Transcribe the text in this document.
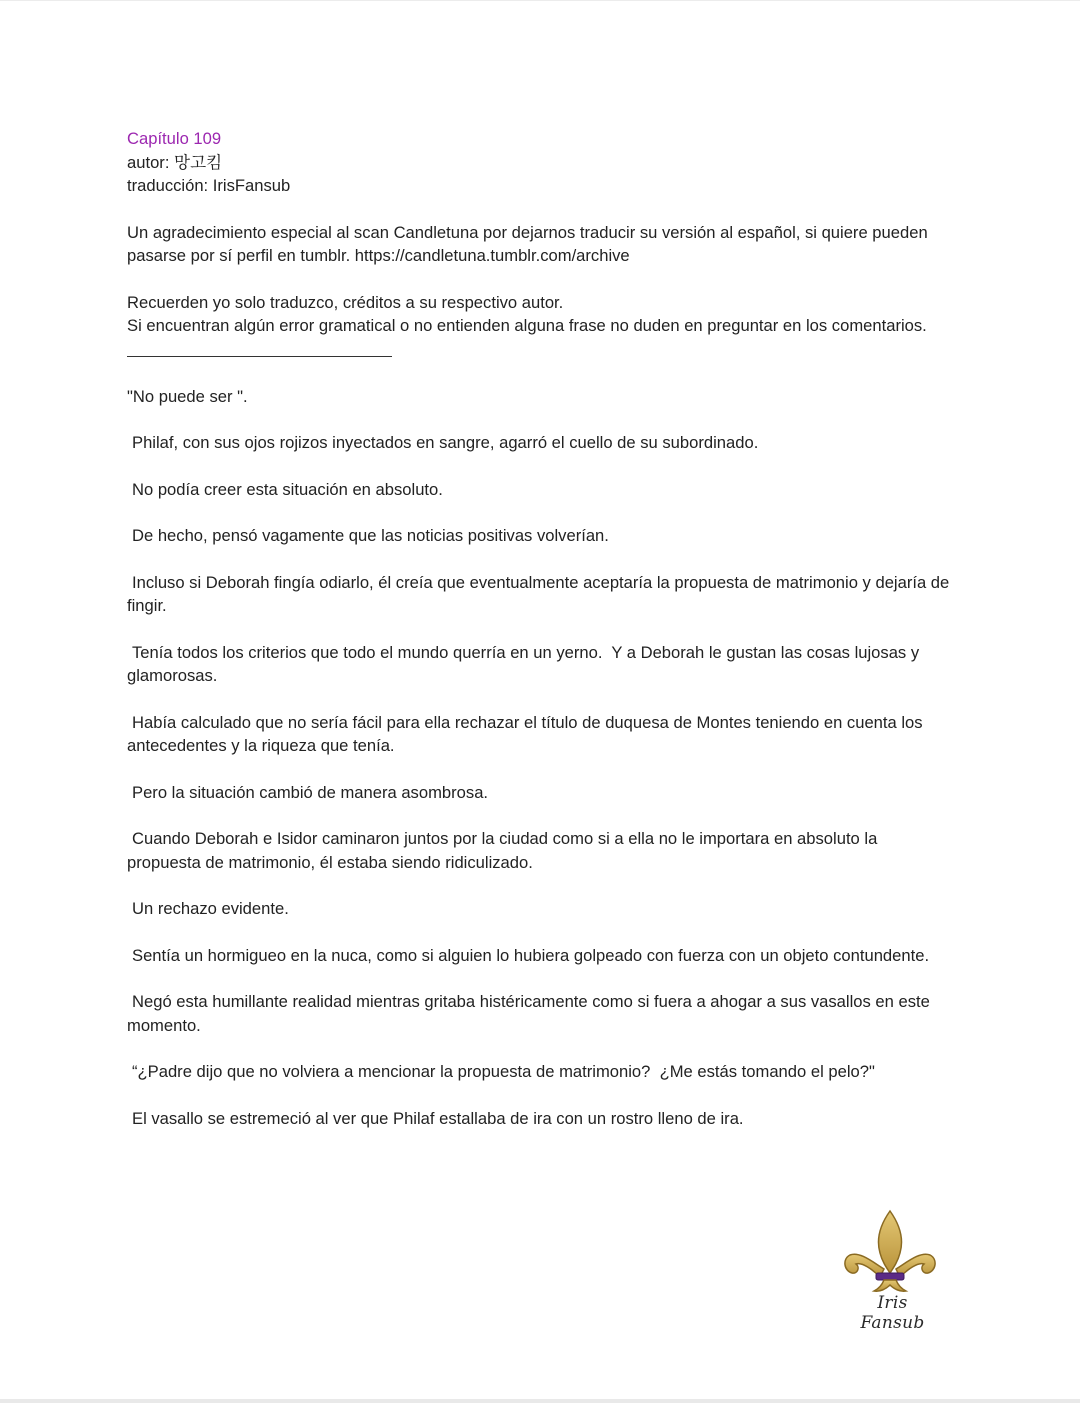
Capítulo 109

autor: 망고킴

traducción: IrisFansub

Un agradecimiento especial al scan Candletuna por dejarnos traducir su versión al español, si quiere pueden pasarse por sí perfil en tumblr. https://candletuna.tumblr.com/archive

Recuerden yo solo traduzco, créditos a su respectivo autor.

Si encuentran algún error gramatical o no entienden alguna frase no duden en preguntar en los comentarios.

"No puede ser ".

Philaf, con sus ojos rojizos inyectados en sangre, agarró el cuello de su subordinado.

No podía creer esta situación en absoluto.

De hecho, pensó vagamente que las noticias positivas volverían.

Incluso si Deborah fingía odiarlo, él creía que eventualmente aceptaría la propuesta de matrimonio y dejaría de fingir.

Tenía todos los criterios que todo el mundo querría en un yerno.  Y a Deborah le gustan las cosas lujosas y glamorosas.

Había calculado que no sería fácil para ella rechazar el título de duquesa de Montes teniendo en cuenta los antecedentes y la riqueza que tenía.

Pero la situación cambió de manera asombrosa.

Cuando Deborah e Isidor caminaron juntos por la ciudad como si a ella no le importara en absoluto la propuesta de matrimonio, él estaba siendo ridiculizado.

Un rechazo evidente.

Sentía un hormigueo en la nuca, como si alguien lo hubiera golpeado con fuerza con un objeto contundente.

Negó esta humillante realidad mientras gritaba histéricamente como si fuera a ahogar a sus vasallos en este momento.

“¿Padre dijo que no volviera a mencionar la propuesta de matrimonio?  ¿Me estás tomando el pelo?"

El vasallo se estremeció al ver que Philaf estallaba de ira con un rostro lleno de ira.

Iris Fansub
